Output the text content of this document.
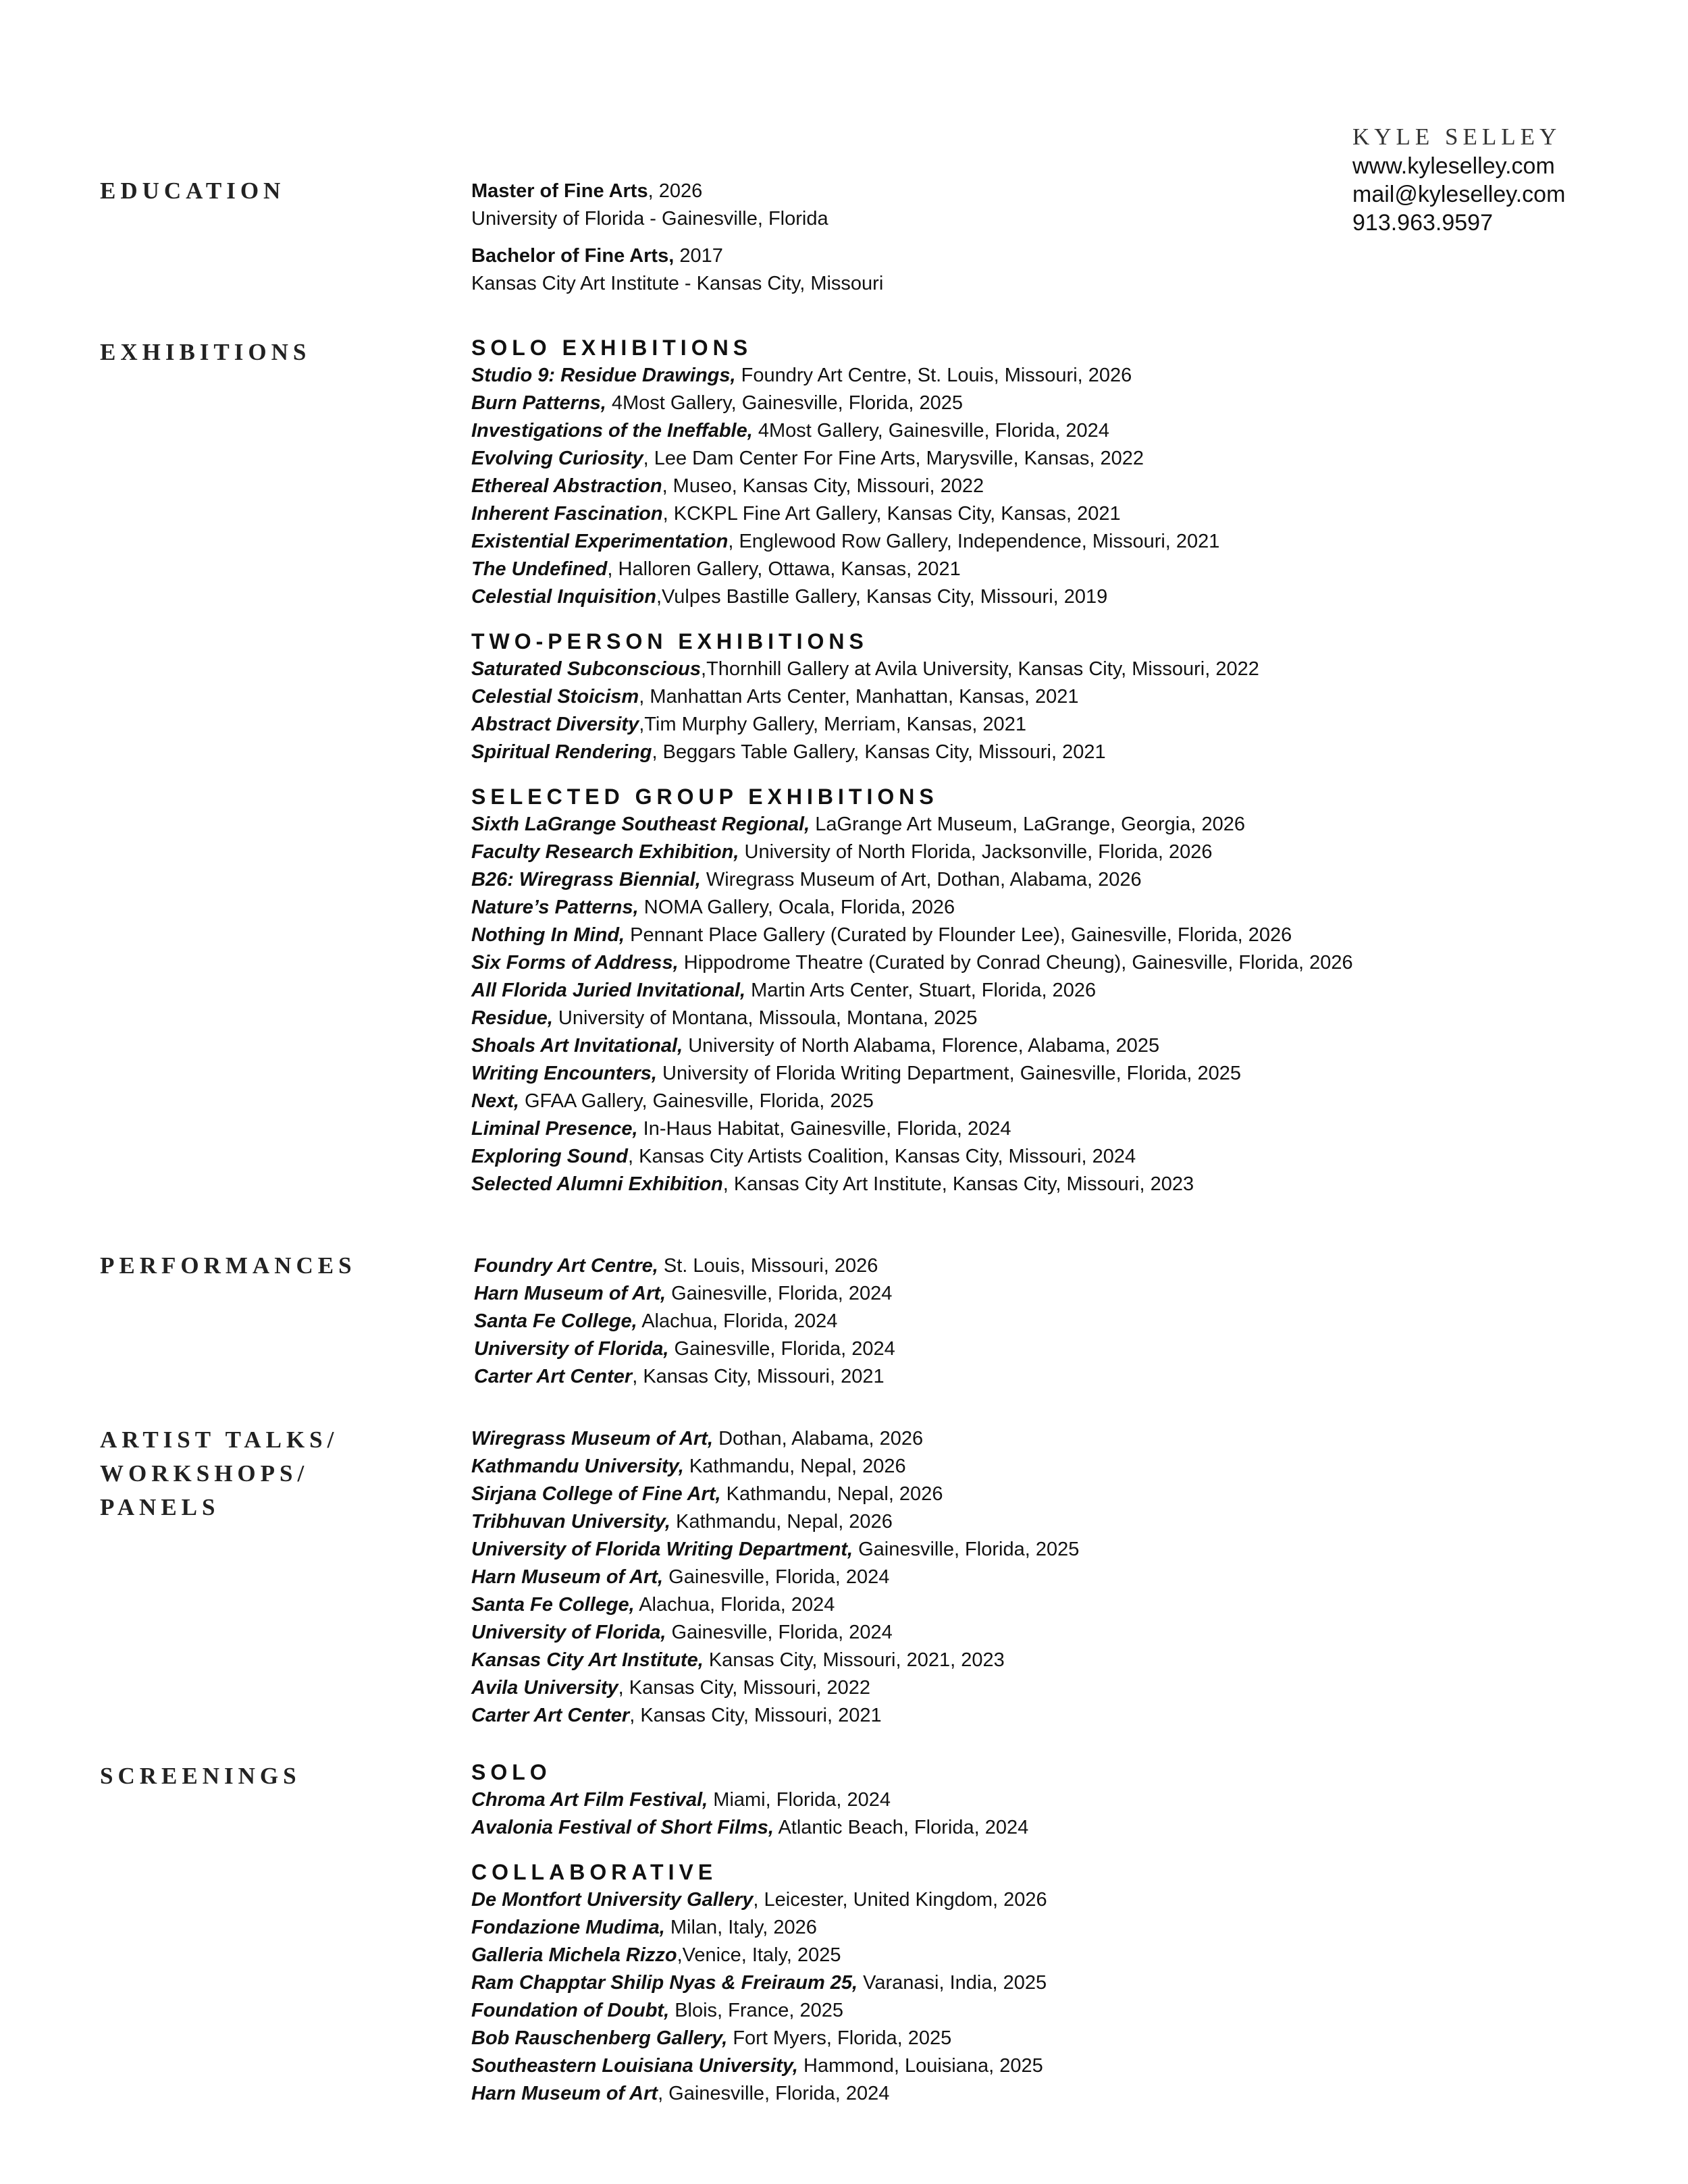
KYLE SELLEY
www.kyleselley.com
mail@kyleselley.com
913.963.9597
EDUCATION	Master of Fine Arts, 2026
University of Florida - Gainesville, Florida
Bachelor of Fine Arts, 2017
Kansas City Art Institute - Kansas City, Missouri
EXHIBITIONS	SOLO EXHIBITIONS
Studio 9: Residue Drawings, Foundry Art Centre, St. Louis, Missouri, 2026
Burn Patterns, 4Most Gallery, Gainesville, Florida, 2025
Investigations of the Ineffable, 4Most Gallery, Gainesville, Florida, 2024
Evolving Curiosity, Lee Dam Center For Fine Arts, Marysville, Kansas, 2022
Ethereal Abstraction, Museo, Kansas City, Missouri, 2022
Inherent Fascination, KCKPL Fine Art Gallery, Kansas City, Kansas, 2021
Existential Experimentation, Englewood Row Gallery, Independence, Missouri, 2021
The Undefined, Halloren Gallery, Ottawa, Kansas, 2021
Celestial Inquisition,Vulpes Bastille Gallery, Kansas City, Missouri, 2019
TWO-PERSON EXHIBITIONS
Saturated Subconscious,Thornhill Gallery at Avila University, Kansas City, Missouri, 2022
Celestial Stoicism, Manhattan Arts Center, Manhattan, Kansas, 2021
Abstract Diversity,Tim Murphy Gallery, Merriam, Kansas, 2021
Spiritual Rendering, Beggars Table Gallery, Kansas City, Missouri, 2021
SELECTED GROUP EXHIBITIONS
Sixth LaGrange Southeast Regional, LaGrange Art Museum, LaGrange, Georgia, 2026
Faculty Research Exhibition, University of North Florida, Jacksonville, Florida, 2026
B26: Wiregrass Biennial, Wiregrass Museum of Art, Dothan, Alabama, 2026
Nature’s Patterns, NOMA Gallery, Ocala, Florida, 2026
Nothing In Mind, Pennant Place Gallery (Curated by Flounder Lee), Gainesville, Florida, 2026
Six Forms of Address, Hippodrome Theatre (Curated by Conrad Cheung), Gainesville, Florida, 2026
All Florida Juried Invitational, Martin Arts Center, Stuart, Florida, 2026
Residue, University of Montana, Missoula, Montana, 2025
Shoals Art Invitational, University of North Alabama, Florence, Alabama, 2025
Writing Encounters, University of Florida Writing Department, Gainesville, Florida, 2025
Next, GFAA Gallery, Gainesville, Florida, 2025
Liminal Presence, In-Haus Habitat, Gainesville, Florida, 2024
Exploring Sound, Kansas City Artists Coalition, Kansas City, Missouri, 2024
Selected Alumni Exhibition, Kansas City Art Institute, Kansas City, Missouri, 2023
PERFORMANCES	Foundry Art Centre, St. Louis, Missouri, 2026
Harn Museum of Art, Gainesville, Florida, 2024
Santa Fe College, Alachua, Florida, 2024
University of Florida, Gainesville, Florida, 2024
Carter Art Center, Kansas City, Missouri, 2021
ARTIST TALKS/
WORKSHOPS/
PANELS
Wiregrass Museum of Art, Dothan, Alabama, 2026
Kathmandu University, Kathmandu, Nepal, 2026
Sirjana College of Fine Art, Kathmandu, Nepal, 2026
Tribhuvan University, Kathmandu, Nepal, 2026
University of Florida Writing Department, Gainesville, Florida, 2025
Harn Museum of Art, Gainesville, Florida, 2024
Santa Fe College, Alachua, Florida, 2024
University of Florida, Gainesville, Florida, 2024
Kansas City Art Institute, Kansas City, Missouri, 2021, 2023
Avila University, Kansas City, Missouri, 2022
Carter Art Center, Kansas City, Missouri, 2021
SCREENINGS	SOLO
Chroma Art Film Festival, Miami, Florida, 2024
Avalonia Festival of Short Films, Atlantic Beach, Florida, 2024
COLLABORATIVE
De Montfort University Gallery, Leicester, United Kingdom, 2026
Fondazione Mudima, Milan, Italy, 2026
Galleria Michela Rizzo,Venice, Italy, 2025
Ram Chapptar Shilip Nyas & Freiraum 25, Varanasi, India, 2025
Foundation of Doubt, Blois, France, 2025
Bob Rauschenberg Gallery, Fort Myers, Florida, 2025
Southeastern Louisiana University, Hammond, Louisiana, 2025
Harn Museum of Art, Gainesville, Florida, 2024
